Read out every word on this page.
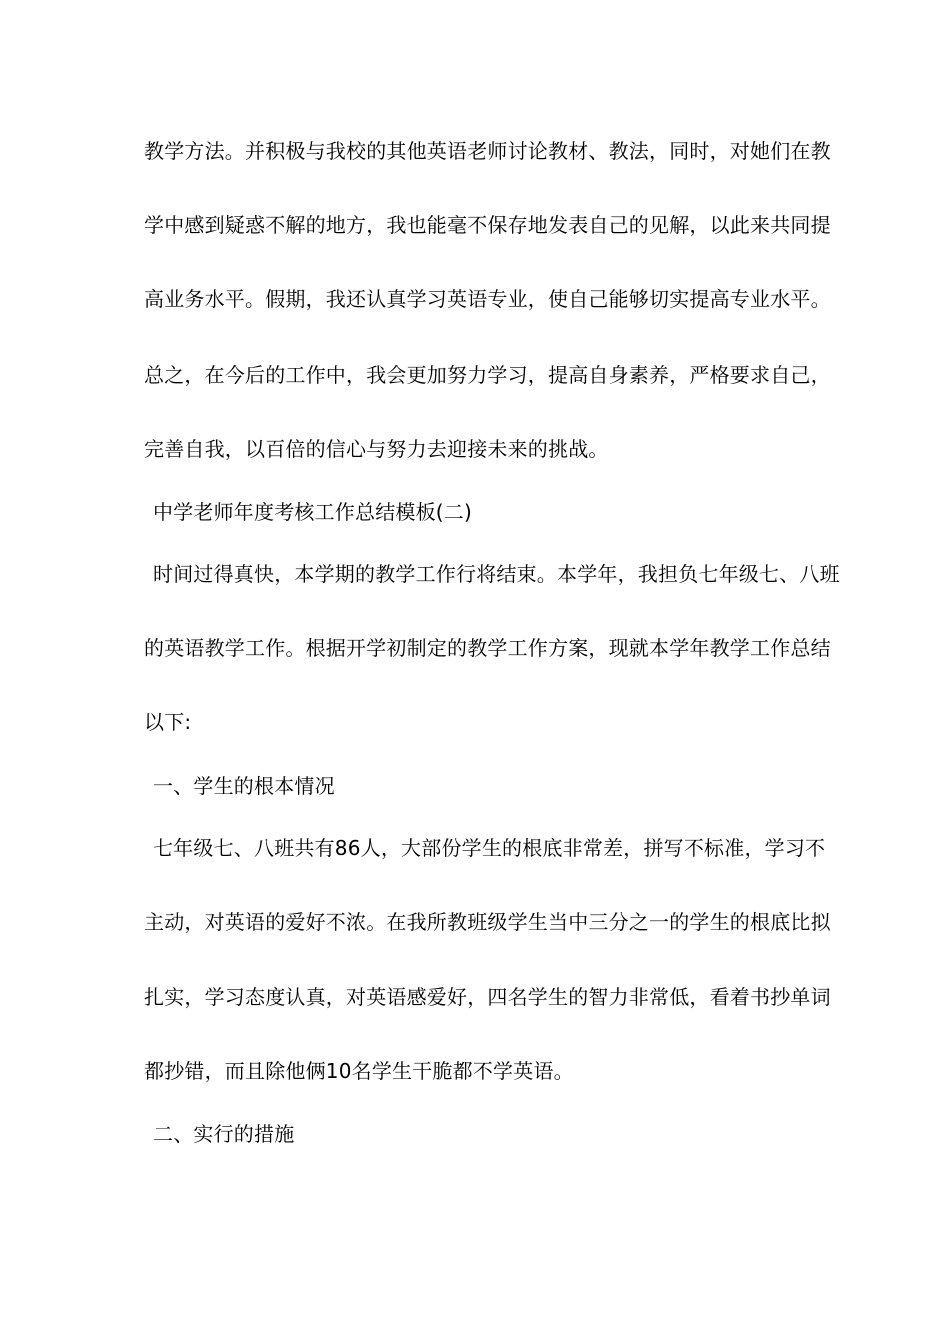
教学方法。并积极与我校的其他英语老师讨论教材、教法，同时，对她们在教
学中感到疑惑不解的地方，我也能毫不保存地发表自己的见解，以此来共同提
高业务水平。假期，我还认真学习英语专业，使自己能够切实提高专业水平。
总之，在今后的工作中，我会更加努力学习，提高自身素养，严格要求自己，
完善自我，以百倍的信心与努力去迎接未来的挑战。
中学老师年度考核工作总结模板(二)
时间过得真快，本学期的教学工作行将结束。本学年，我担负七年级七、八班
的英语教学工作。根据开学初制定的教学工作方案，现就本学年教学工作总结
以下:
一、学生的根本情况
七年级七、八班共有86人，大部份学生的根底非常差，拼写不标准，学习不
主动，对英语的爱好不浓。在我所教班级学生当中三分之一的学生的根底比拟
扎实，学习态度认真，对英语感爱好，四名学生的智力非常低，看着书抄单词
都抄错，而且除他俩10名学生干脆都不学英语。
二、实行的措施
